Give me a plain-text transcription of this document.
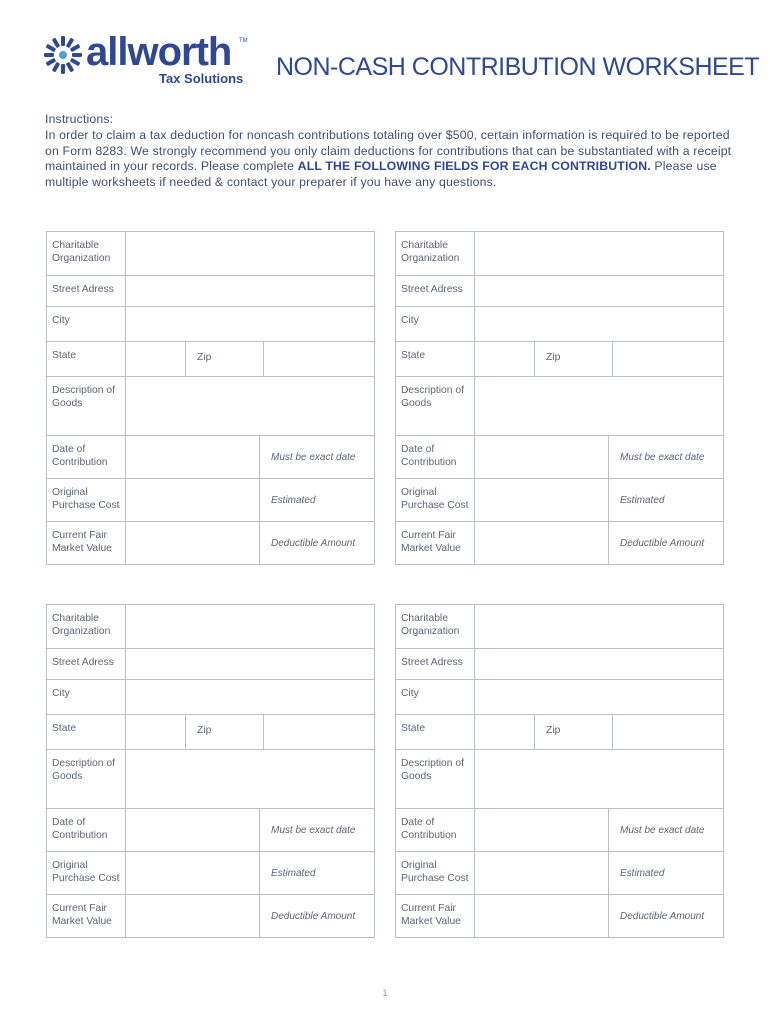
allworth TM
Tax Solutions NON-CASH CONTRIBUTION WORKSHEET

Instructions:

In order to claim a tax deduction for noncash contributions totaling over $500, certain information is required to be reported on Form 8283. We strongly recommend you only claim deductions for contributions that can be substantiated with a receipt maintained in your records. Please complete ALL THE FOLLOWING FIELDS FOR EACH CONTRIBUTION. Please use multiple worksheets if needed & contact your preparer if you have any questions.

Charitable Organization
Street Adress
City
State	Zip
Description of Goods
Date of Contribution	Must be exact date
Original Purchase Cost	Estimated
Current Fair Market Value	Deductible Amount
Charitable Organization
Street Adress
City
State	Zip
Description of Goods
Date of Contribution	Must be exact date
Original Purchase Cost	Estimated
Current Fair Market Value	Deductible Amount
Charitable Organization
Street Adress
City
State	Zip
Description of Goods
Date of Contribution	Must be exact date
Original Purchase Cost	Estimated
Current Fair Market Value	Deductible Amount
Charitable Organization
Street Adress
City
State	Zip
Description of Goods
Date of Contribution	Must be exact date
Original Purchase Cost	Estimated
Current Fair Market Value	Deductible Amount
1
